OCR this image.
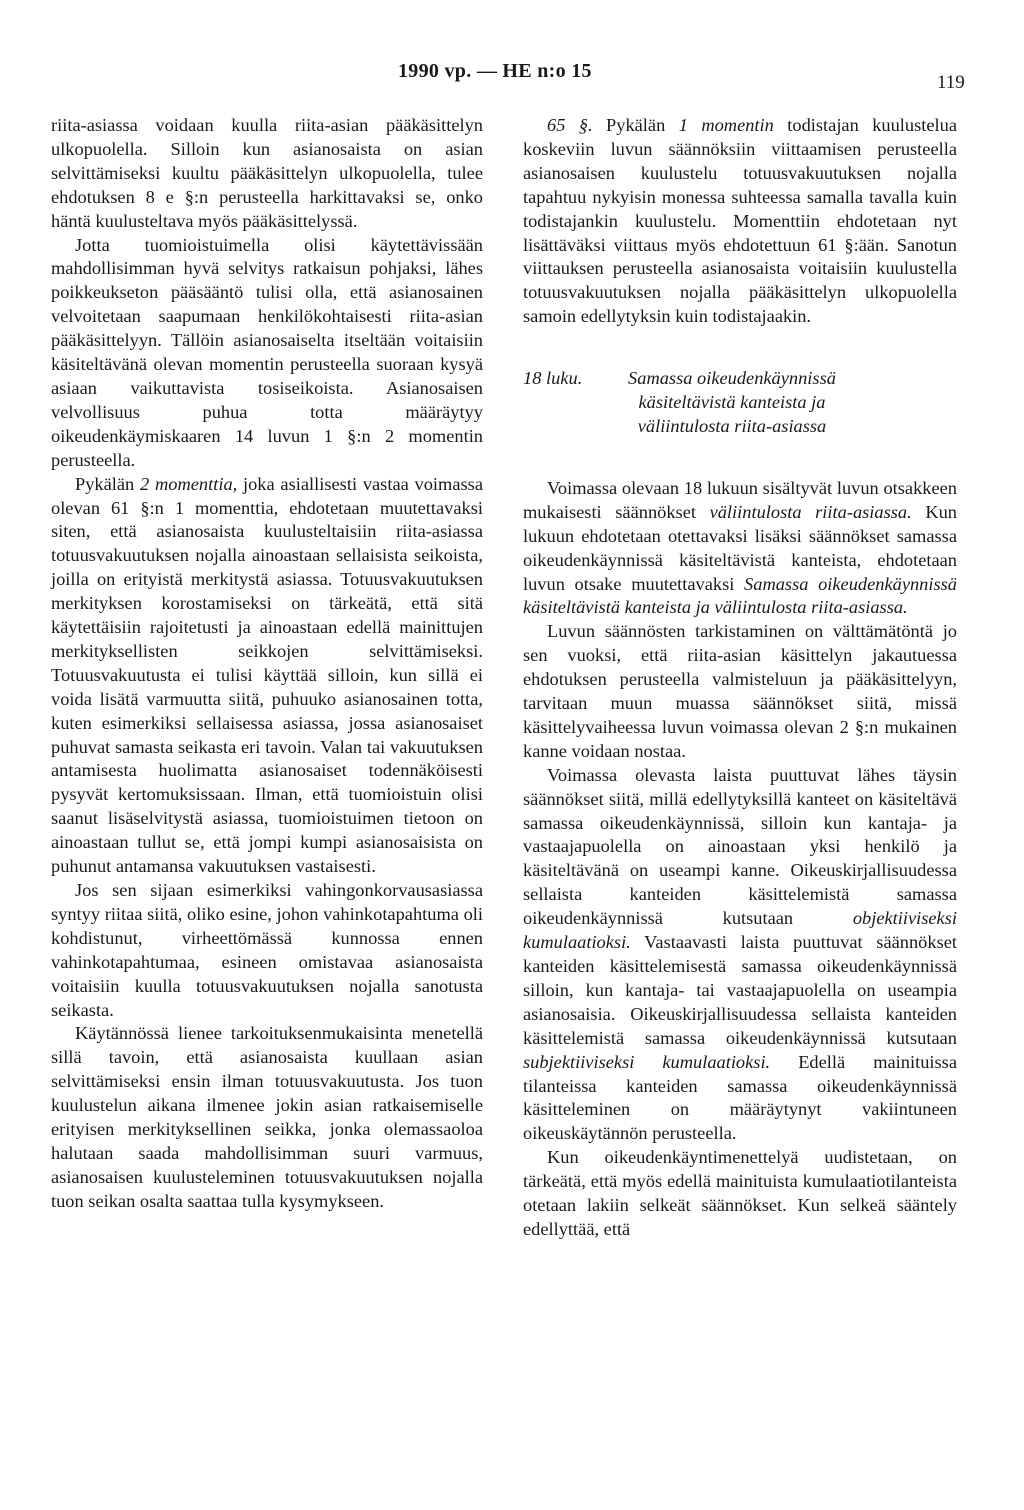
1990 vp. — HE n:o 15
119

riita-asiassa voidaan kuulla riita-asian pääkäsittelyn ulkopuolella. Silloin kun asianosaista on asian selvittämiseksi kuultu pääkäsittelyn ulkopuolella, tulee ehdotuksen 8 e §:n perusteella harkittavaksi se, onko häntä kuulusteltava myös pääkäsittelyssä.

Jotta tuomioistuimella olisi käytettävissään mahdollisimman hyvä selvitys ratkaisun pohjaksi, lähes poikkeukseton pääsääntö tulisi olla, että asianosainen velvoitetaan saapumaan henkilökohtaisesti riita-asian pääkäsittelyyn. Tällöin asianosaiselta itseltään voitaisiin käsiteltävänä olevan momentin perusteella suoraan kysyä asiaan vaikuttavista tosiseikoista. Asianosaisen velvollisuus puhua totta määräytyy oikeudenkäymiskaaren 14 luvun 1 §:n 2 momentin perusteella.

Pykälän 2 momenttia, joka asiallisesti vastaa voimassa olevan 61 §:n 1 momenttia, ehdotetaan muutettavaksi siten, että asianosaista kuulusteltaisiin riita-asiassa totuusvakuutuksen nojalla ainoastaan sellaisista seikoista, joilla on erityistä merkitystä asiassa. Totuusvakuutuksen merkityksen korostamiseksi on tärkeätä, että sitä käytettäisiin rajoitetusti ja ainoastaan edellä mainittujen merkityksellisten seikkojen selvittämiseksi. Totuusvakuutusta ei tulisi käyttää silloin, kun sillä ei voida lisätä varmuutta siitä, puhuuko asianosainen totta, kuten esimerkiksi sellaisessa asiassa, jossa asianosaiset puhuvat samasta seikasta eri tavoin. Valan tai vakuutuksen antamisesta huolimatta asianosaiset todennäköisesti pysyvät kertomuksissaan. Ilman, että tuomioistuin olisi saanut lisäselvitystä asiassa, tuomioistuimen tietoon on ainoastaan tullut se, että jompi kumpi asianosaisista on puhunut antamansa vakuutuksen vastaisesti.

Jos sen sijaan esimerkiksi vahingonkorvausasiassa syntyy riitaa siitä, oliko esine, johon vahinkotapahtuma oli kohdistunut, virheettömässä kunnossa ennen vahinkotapahtumaa, esineen omistavaa asianosaista voitaisiin kuulla totuusvakuutuksen nojalla sanotusta seikasta.

Käytännössä lienee tarkoituksenmukaisinta menetellä sillä tavoin, että asianosaista kuullaan asian selvittämiseksi ensin ilman totuusvakuutusta. Jos tuon kuulustelun aikana ilmenee jokin asian ratkaisemiselle erityisen merkityksellinen seikka, jonka olemassaoloa halutaan saada mahdollisimman suuri varmuus, asianosaisen kuulusteleminen totuusvakuutuksen nojalla tuon seikan osalta saattaa tulla kysymykseen.

65 §. Pykälän 1 momentin todistajan kuulustelua koskeviin luvun säännöksiin viittaamisen perusteella asianosaisen kuulustelu totuusvakuutuksen nojalla tapahtuu nykyisin monessa suhteessa samalla tavalla kuin todistajankin kuulustelu. Momenttiin ehdotetaan nyt lisättäväksi viittaus myös ehdotettuun 61 §:ään. Sanotun viittauksen perusteella asianosaista voitaisiin kuulustella totuusvakuutuksen nojalla pääkäsittelyn ulkopuolella samoin edellytyksin kuin todistajaakin.

18 luku.	Samassa oikeudenkäynnissä käsiteltävistä kanteista ja väliintulosta riita-asiassa

Voimassa olevaan 18 lukuun sisältyvät luvun otsakkeen mukaisesti säännökset väliintulosta riita-asiassa. Kun lukuun ehdotetaan otettavaksi lisäksi säännökset samassa oikeudenkäynnissä käsiteltävistä kanteista, ehdotetaan luvun otsake muutettavaksi Samassa oikeudenkäynnissä käsiteltävistä kanteista ja väliintulosta riita-asiassa.

Luvun säännösten tarkistaminen on välttämätöntä jo sen vuoksi, että riita-asian käsittelyn jakautuessa ehdotuksen perusteella valmisteluun ja pääkäsittelyyn, tarvitaan muun muassa säännökset siitä, missä käsittelyvaiheessa luvun voimassa olevan 2 §:n mukainen kanne voidaan nostaa.

Voimassa olevasta laista puuttuvat lähes täysin säännökset siitä, millä edellytyksillä kanteet on käsiteltävä samassa oikeudenkäynnissä, silloin kun kantaja- ja vastaajapuolella on ainoastaan yksi henkilö ja käsiteltävänä on useampi kanne. Oikeuskirjallisuudessa sellaista kanteiden käsittelemistä samassa oikeudenkäynnissä kutsutaan objektiiviseksi kumulaatioksi. Vastaavasti laista puuttuvat säännökset kanteiden käsittelemisestä samassa oikeudenkäynnissä silloin, kun kantaja- tai vastaajapuolella on useampia asianosaisia. Oikeuskirjallisuudessa sellaista kanteiden käsittelemistä samassa oikeudenkäynnissä kutsutaan subjektiiviseksi kumulaatioksi. Edellä mainituissa tilanteissa kanteiden samassa oikeudenkäynnissä käsitteleminen on määräytynyt vakiintuneen oikeuskäytännön perusteella.

Kun oikeudenkäyntimenettelyä uudistetaan, on tärkeätä, että myös edellä mainituista kumulaatiotilanteista otetaan lakiin selkeät säännökset. Kun selkeä sääntely edellyttää, että
